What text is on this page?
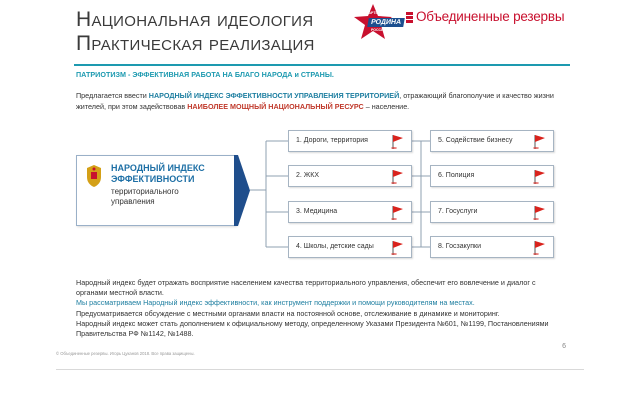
Национальная идеология
Практическая реализация
ПАРТИЯ
РОДИНА
РОССИЯ
Объединенные резервы
ПАТРИОТИЗМ - ЭФФЕКТИВНАЯ РАБОТА НА БЛАГО НАРОДА и СТРАНЫ.
Предлагается ввести НАРОДНЫЙ ИНДЕКС ЭФФЕКТИВНОСТИ УПРАВЛЕНИЯ ТЕРРИТОРИЕЙ, отражающий благополучие и качество жизни жителей, при этом задействовав НАИБОЛЕЕ МОЩНЫЙ НАЦИОНАЛЬНЫЙ РЕСУРС – население.
НАРОДНЫЙ ИНДЕКС
ЭФФЕКТИВНОСТИ
территориального
управления
1. Дороги, территория
2. ЖКХ
3. Медицина
4. Школы, детские сады
5. Содействие бизнесу
6. Полиция
7. Госуслуги
8. Госзакупки

Народный индекс будет отражать восприятие населением качества территориального управления, обеспечит его вовлечение и диалог с органами местной власти.

Мы рассматриваем Народный индекс эффективности, как инструмент поддержки и помощи руководителям на местах.

Предусматривается обсуждение с местными органами власти на постоянной основе, отслеживание в динамике и мониторинг.

Народный индекс может стать дополнением к официальному методу, определенному Указами Президента №601, №1199, Постановлениями Правительства РФ №1142, №1488.

6
© Объединенные резервы. Игорь Цуканов 2018. Все права защищены.
